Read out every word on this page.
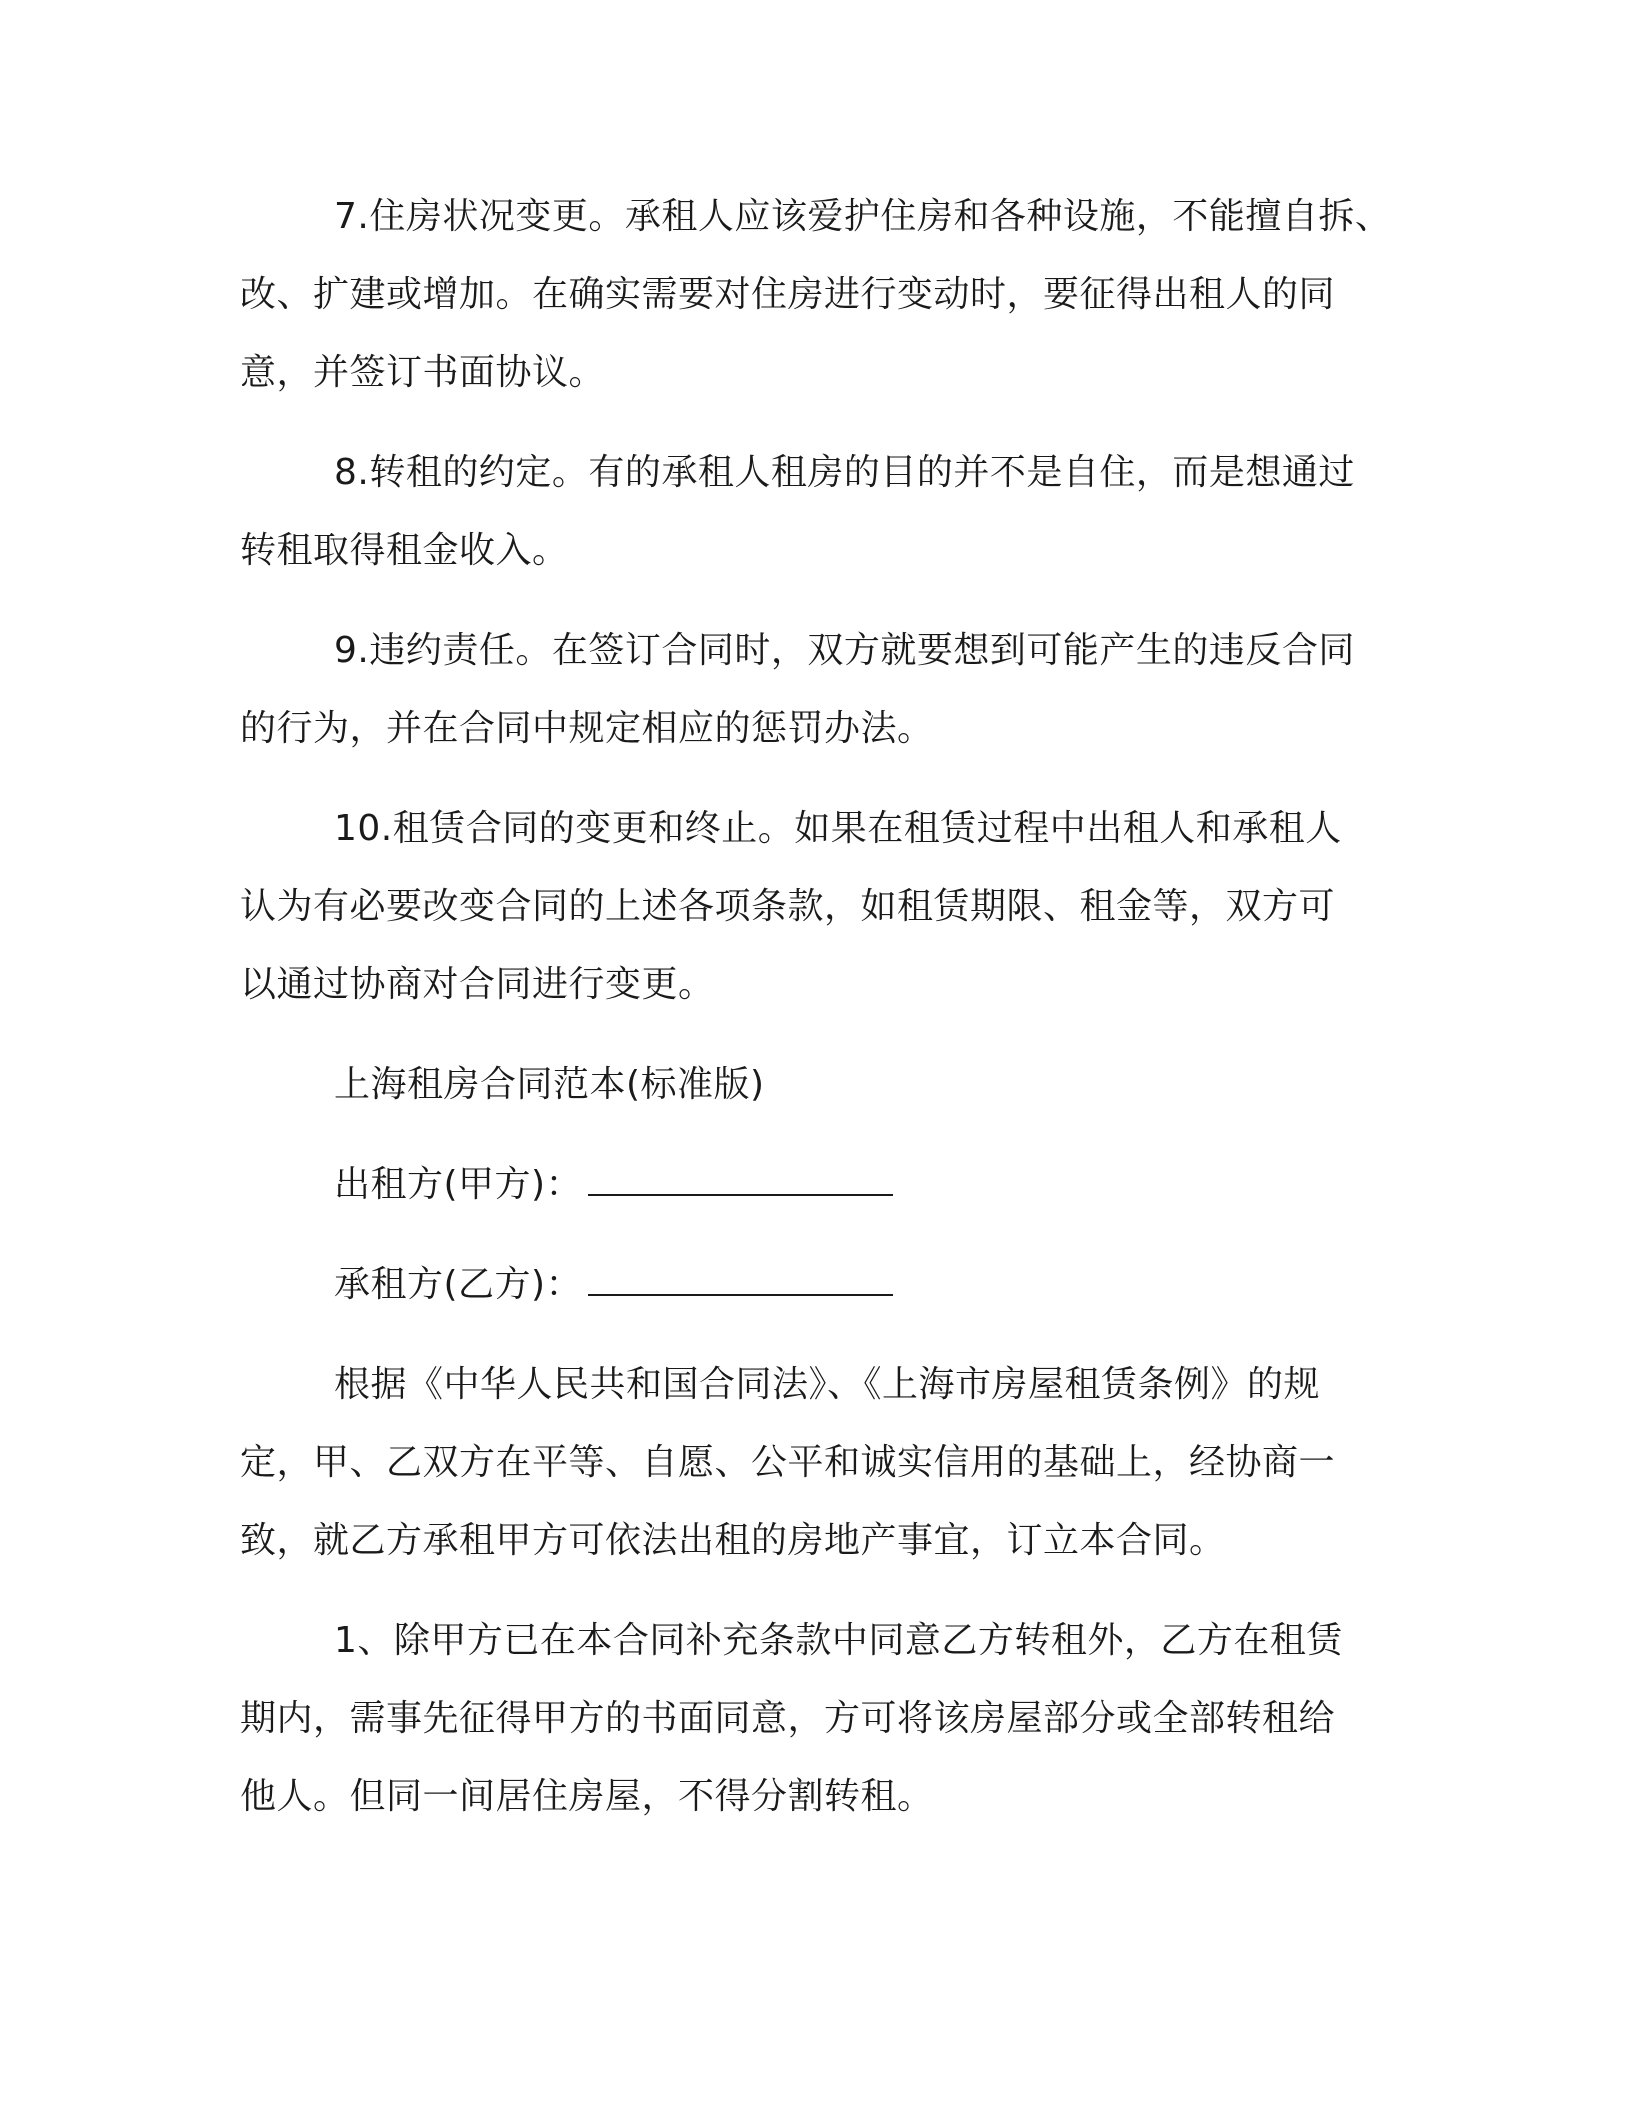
7.住房状况变更。承租人应该爱护住房和各种设施，不能擅自拆、
改、扩建或增加。在确实需要对住房进行变动时，要征得出租人的同
意，并签订书面协议。
8.转租的约定。有的承租人租房的目的并不是自住，而是想通过
转租取得租金收入。
9.违约责任。在签订合同时，双方就要想到可能产生的违反合同
的行为，并在合同中规定相应的惩罚办法。
10.租赁合同的变更和终止。如果在租赁过程中出租人和承租人
认为有必要改变合同的上述各项条款，如租赁期限、租金等，双方可
以通过协商对合同进行变更。
上海租房合同范本(标准版)
出租方(甲方)：
承租方(乙方)：
根据《中华人民共和国合同法》、《上海市房屋租赁条例》的规
定，甲、乙双方在平等、自愿、公平和诚实信用的基础上，经协商一
致，就乙方承租甲方可依法出租的房地产事宜，订立本合同。
1、除甲方已在本合同补充条款中同意乙方转租外，乙方在租赁
期内，需事先征得甲方的书面同意，方可将该房屋部分或全部转租给
他人。但同一间居住房屋，不得分割转租。
